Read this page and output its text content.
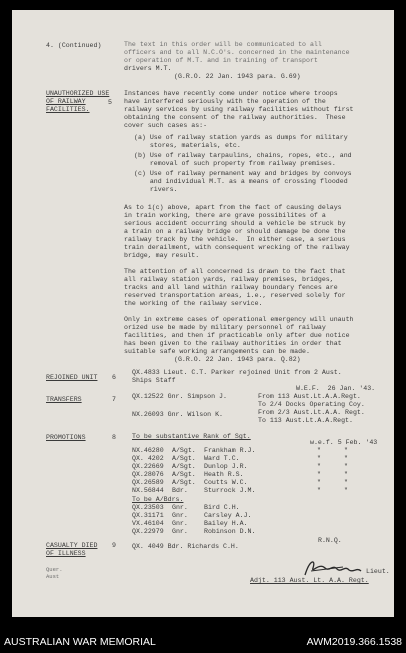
4. (Continued)	The text in this order will be communicated to all
officers and to all N.C.O's. concerned in the maintenance
or operation of M.T. and in training of transport
drivers M.T.
(G.R.O. 22 Jan. 1943 para. G.69)
UNAUTHORIZED USE
OF RAILWAY
FACILITIES.
5
Instances have recently come under notice where troops
have interfered seriously with the operation of the
railway services by using railway facilities without first
obtaining the consent of the railway authorities.  These
cover such cases as:-
(a) Use of railway station yards as dumps for military
stores, materials, etc.
(b) Use of railway tarpaulins, chains, ropes, etc., and
removal of such property from railway premises.
(c) Use of railway permanent way and bridges by convoys
and individual M.T. as a means of crossing flooded
rivers.
As to 1(c) above, apart from the fact of causing delays
in train working, there are grave possibilites of a
serious accident occurring should a vehicle be struck by
a train on a railway bridge or should damage be done the
railway track by the vehicle.  In either case, a serious
train derailment, with consequent wrecking of the railway
bridge, may result.
The attention of all concerned is drawn to the fact that
all railway station yards, railway premises, bridges,
tracks and all land within railway boundary fences are
reserved transportation areas, i.e., reserved solely for
the working of the railway service.
Only in extreme cases of operational emergency will unauth
orized use be made by military personnel of railway
facilities, and then if practicable only after due notice
has been given to the railway authorities in order that
suitable safe working arrangements can be made.
(G.R.O. 22 Jan. 1943 para. Q.82)
REJOINED UNIT 6
QX.4833 Lieut. C.T. Parker rejoined Unit from 2 Aust.
Ships Staff
W.E.F.  26 Jan. '43.
TRANSFERS	7 QX.12522 Gnr. Simpson J.	From 113 Aust.Lt.A.A.Regt.
To 2/4 Docks Operating Coy.
NX.26093 Gnr. Wilson K.	From 2/3 Aust.Lt.A.A. Regt.
To 113 Aust.Lt.A.A.Regt.
PROMOTIONS	8 To be substantive Rank of Sgt.
w.e.f. 5 Feb. '43
NX.46280 A/Sgt. Frankham R.J.	"	"
QX. 4202 A/Sgt. Ward T.C.	"	"
QX.22669 A/Sgt. Dunlop J.R.	"	"
QX.28076 A/Sgt. Heath R.S.	"	"
QX.26589 A/Sgt. Coutts W.C.	"	"
NX.56844 Bdr. Sturrock J.M.	"	"
To be A/Bdrs.
QX.23503 Gnr. Bird C.H.
QX.31171 Gnr. Carsley A.J.
VX.46104 Gnr. Bailey H.A.
QX.22979 Gnr. Robinson D.N.
CASUALTY DIED
OF ILLNESS
9 QX. 4049 Bdr. Richards C.H.
R.N.Q.
Quer.
Aust
Lieut.
Adjt. 113 Aust. Lt. A.A. Regt.
AUSTRALIAN WAR MEMORIAL	AWM2019.366.1538
